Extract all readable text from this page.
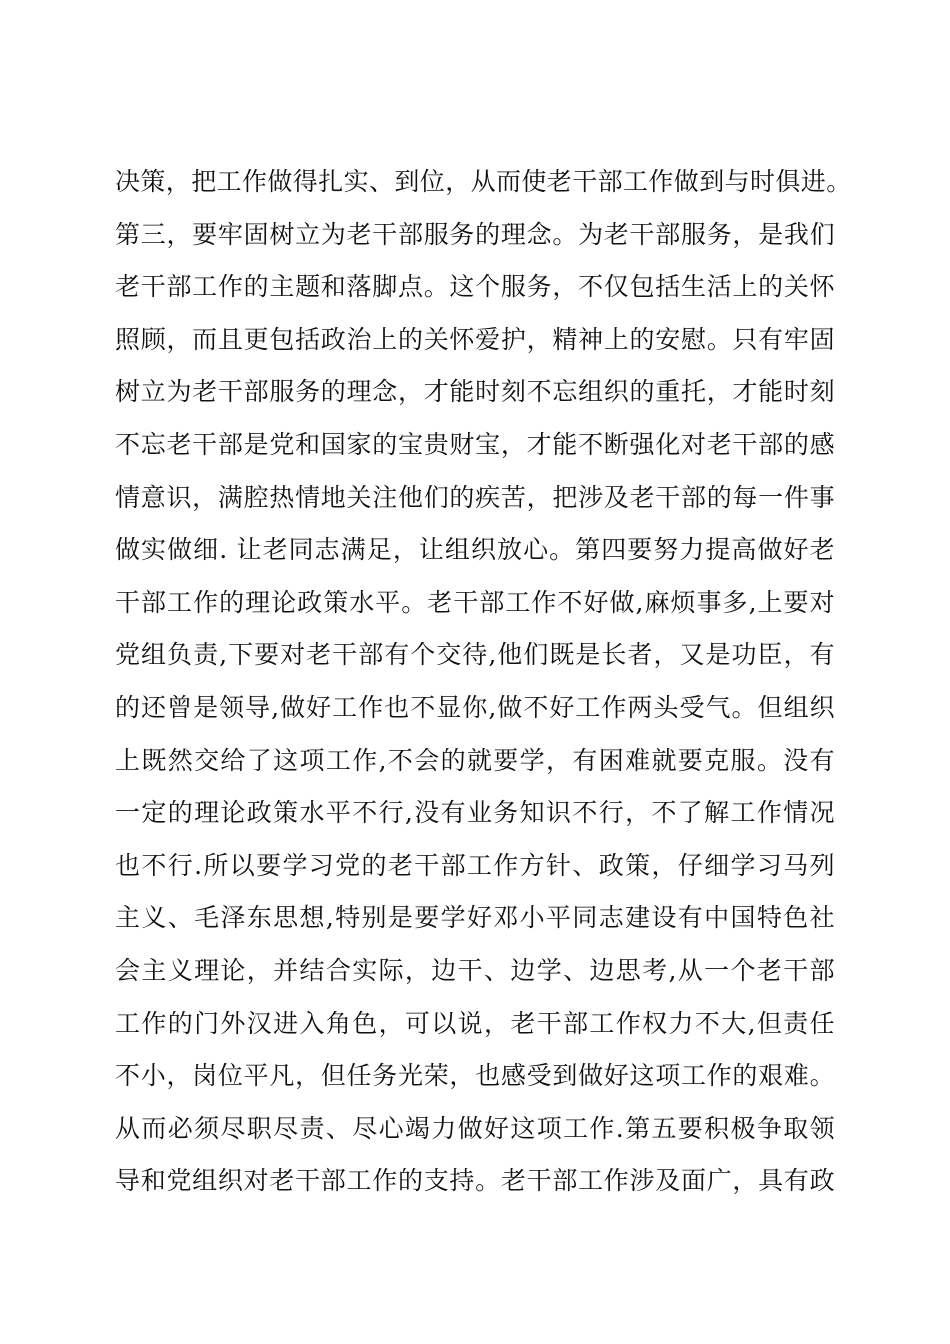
决策，把工作做得扎实、到位，从而使老干部工作做到与时俱进。
第三，要牢固树立为老干部服务的理念。为老干部服务，是我们
老干部工作的主题和落脚点。这个服务，不仅包括生活上的关怀
照顾，而且更包括政治上的关怀爱护，精神上的安慰。只有牢固
树立为老干部服务的理念，才能时刻不忘组织的重托，才能时刻
不忘老干部是党和国家的宝贵财宝，才能不断强化对老干部的感
情意识，满腔热情地关注他们的疾苦，把涉及老干部的每一件事
做实做细. 让老同志满足，让组织放心。第四要努力提高做好老
干部工作的理论政策水平。老干部工作不好做,麻烦事多,上要对
党组负责,下要对老干部有个交待,他们既是长者，又是功臣，有
的还曾是领导,做好工作也不显你,做不好工作两头受气。但组织
上既然交给了这项工作,不会的就要学，有困难就要克服。没有
一定的理论政策水平不行,没有业务知识不行，不了解工作情况
也不行.所以要学习党的老干部工作方针、政策，仔细学习马列
主义、毛泽东思想,特别是要学好邓小平同志建设有中国特色社
会主义理论，并结合实际，边干、边学、边思考,从一个老干部
工作的门外汉进入角色，可以说，老干部工作权力不大,但责任
不小，岗位平凡，但任务光荣，也感受到做好这项工作的艰难。
从而必须尽职尽责、尽心竭力做好这项工作.第五要积极争取领
导和党组织对老干部工作的支持。老干部工作涉及面广，具有政
